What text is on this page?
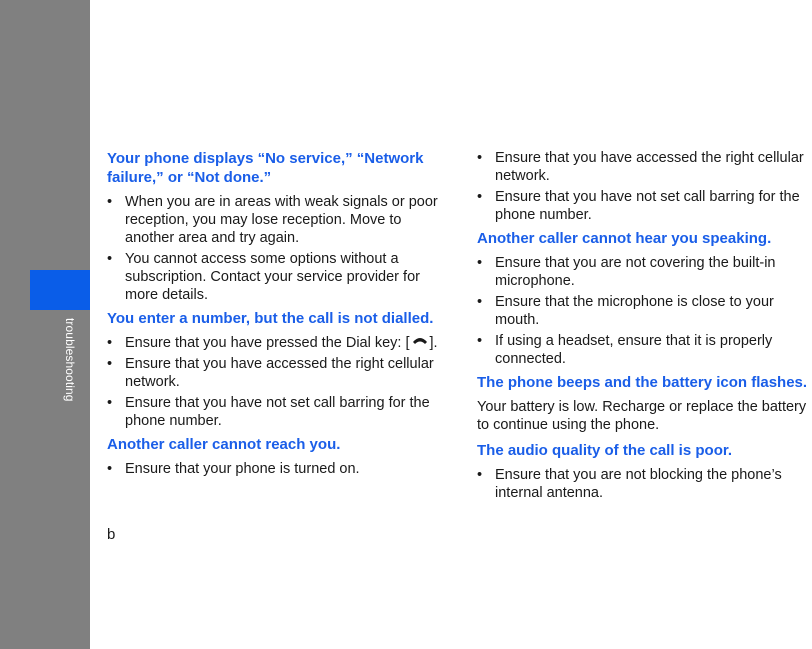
troubleshooting
Your phone displays “No service,” “Network failure,” or “Not done.”
• When you are in areas with weak signals or poor reception, you may lose reception. Move to another area and try again.
• You cannot access some options without a subscription. Contact your service provider for more details.
You enter a number, but the call is not dialled.
• Ensure that you have pressed the Dial key: [ ].
• Ensure that you have accessed the right cellular network.
• Ensure that you have not set call barring for the phone number.
Another caller cannot reach you.
• Ensure that your phone is turned on.
• Ensure that you have accessed the right cellular network.
• Ensure that you have not set call barring for the phone number.
Another caller cannot hear you speaking.
• Ensure that you are not covering the built-in microphone.
• Ensure that the microphone is close to your mouth.
• If using a headset, ensure that it is properly connected.
The phone beeps and the battery icon flashes.

Your battery is low. Recharge or replace the battery to continue using the phone.

The audio quality of the call is poor.
• Ensure that you are not blocking the phone’s internal antenna.
b
